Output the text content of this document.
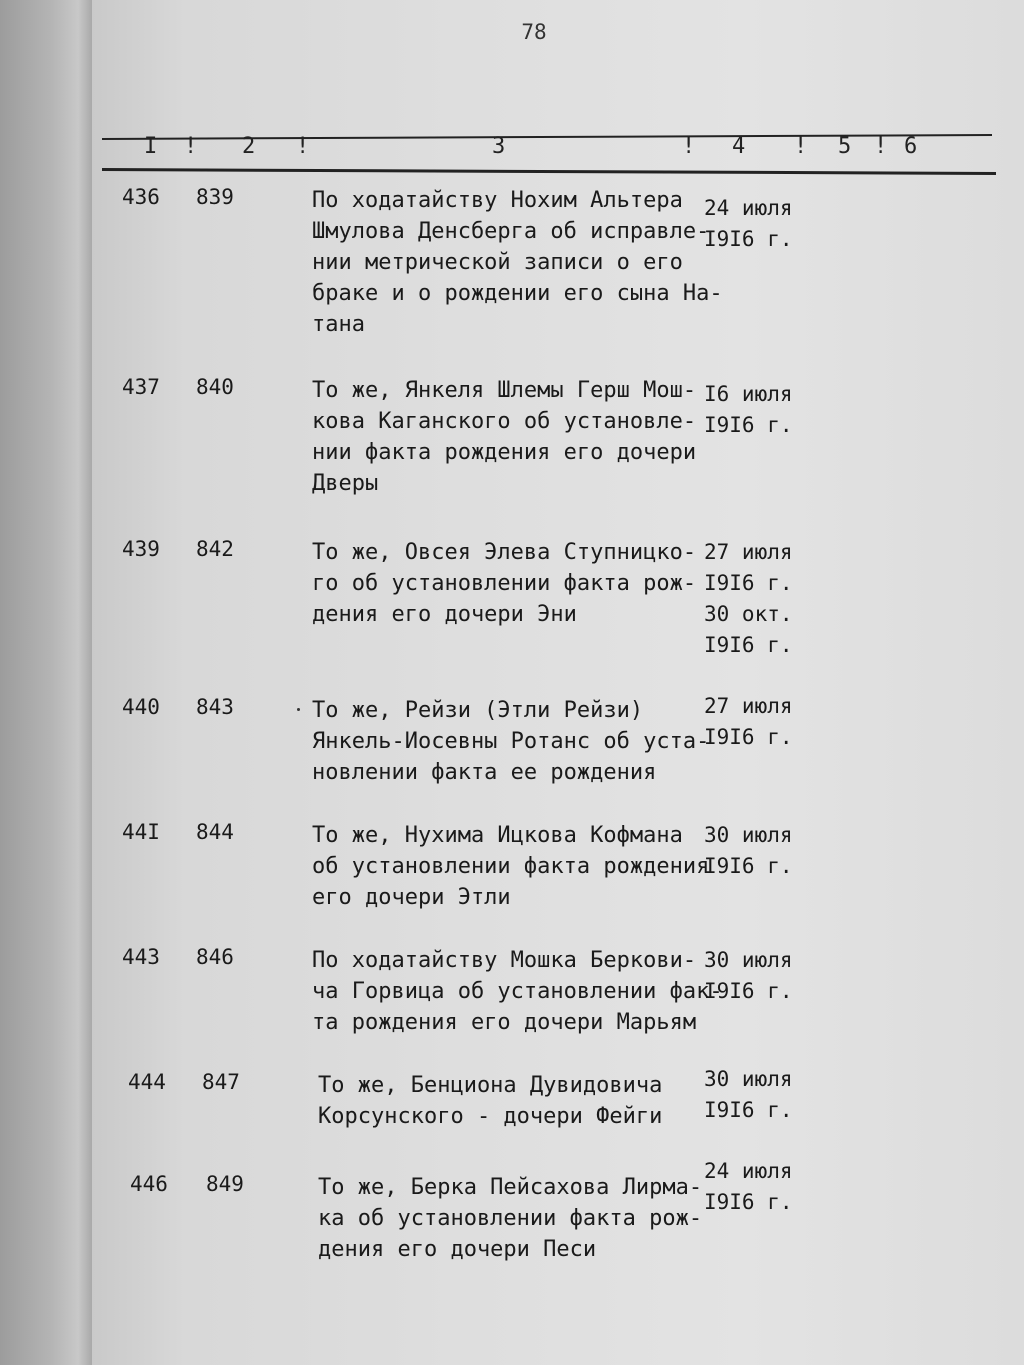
78
I ! 2 !	3	! 4 ! 5 ! 6
436 839	По ходатайству Нохим Альтера
Шмулова Денсберга об исправле-
нии метрической записи о его
браке и о рождении его сына На-
тана
24 июля
I9I6 г.
437 840	То же, Янкеля Шлемы Герш Мош-
кова Каганского об установле-
нии факта рождения его дочери
Дверы
I6 июля
I9I6 г.
439 842	То же, Овсея Элева Ступницко-
го об установлении факта рож-
дения его дочери Эни
27 июля
I9I6 г.
30 окт.
I9I6 г.
440 843	То же, Рейзи (Этли Рейзи)
Янкель-Иосевны Ротанс об уста-
новлении факта ее рождения
27 июля
I9I6 г.
44I 844	То же, Нухима Ицкова Кофмана
об установлении факта рождения
его дочери Этли
30 июля
I9I6 г.
443 846	По ходатайству Мошка Беркови-
ча Горвица об установлении фак-
та рождения его дочери Марьям
30 июля
I9I6 г.
444 847	То же, Бенциона Дувидовича
Корсунского - дочери Фейги
30 июля
I9I6 г.
446 849	То же, Берка Пейсахова Лирма-
ка об установлении факта рож-
дения его дочери Песи
24 июля
I9I6 г.
